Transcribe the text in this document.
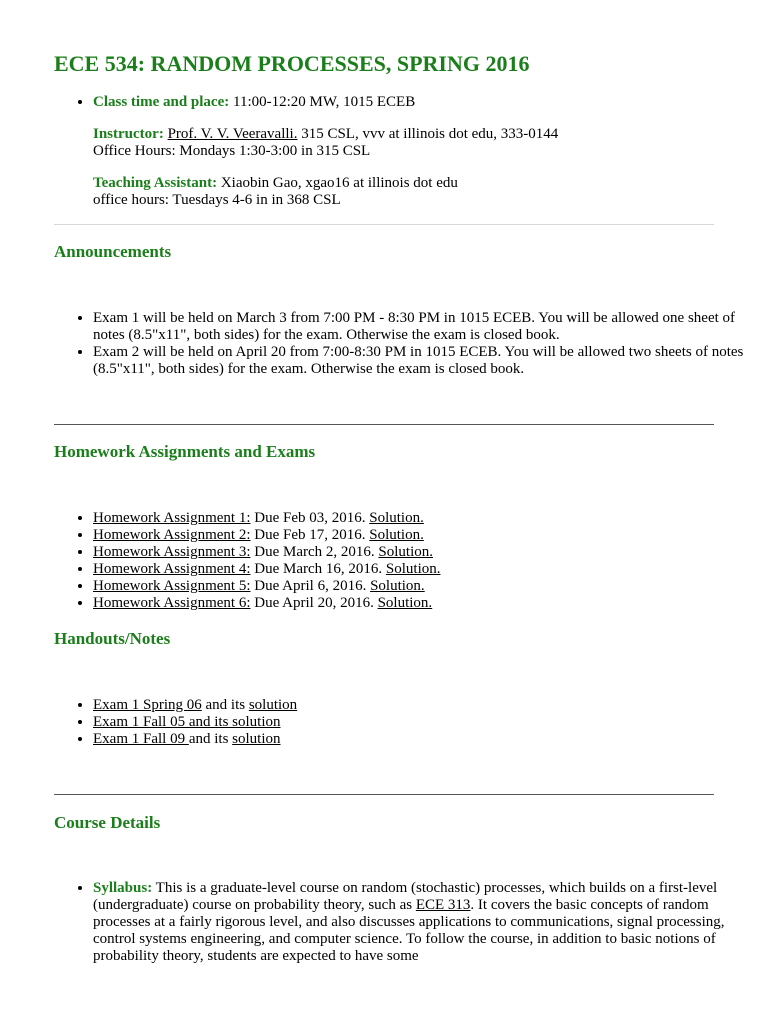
ECE 534: RANDOM PROCESSES, SPRING 2016
• Class time and place: 11:00-12:20 MW, 1015 ECEB
Instructor: Prof. V. V. Veeravalli. 315 CSL, vvv at illinois dot edu, 333-0144
Office Hours: Mondays 1:30-3:00 in 315 CSL
Teaching Assistant: Xiaobin Gao, xgao16 at illinois dot edu
office hours: Tuesdays 4-6 in in 368 CSL
Announcements
• Exam 1 will be held on March 3 from 7:00 PM - 8:30 PM in 1015 ECEB. You will be allowed one sheet of notes (8.5"x11", both sides) for the exam. Otherwise the exam is closed book.
• Exam 2 will be held on April 20 from 7:00-8:30 PM in 1015 ECEB. You will be allowed two sheets of notes (8.5"x11", both sides) for the exam. Otherwise the exam is closed book.
Homework Assignments and Exams
• Homework Assignment 1: Due Feb 03, 2016. Solution.
• Homework Assignment 2: Due Feb 17, 2016. Solution.
• Homework Assignment 3: Due March 2, 2016. Solution.
• Homework Assignment 4: Due March 16, 2016. Solution.
• Homework Assignment 5: Due April 6, 2016. Solution.
• Homework Assignment 6: Due April 20, 2016. Solution.
Handouts/Notes
• Exam 1 Spring 06 and its solution
• Exam 1 Fall 05 and its solution
• Exam 1 Fall 09 and its solution
Course Details
• Syllabus: This is a graduate-level course on random (stochastic) processes, which builds on a first-level (undergraduate) course on probability theory, such as ECE 313. It covers the basic concepts of random processes at a fairly rigorous level, and also discusses applications to communications, signal processing, control systems engineering, and computer science. To follow the course, in addition to basic notions of probability theory, students are expected to have some
